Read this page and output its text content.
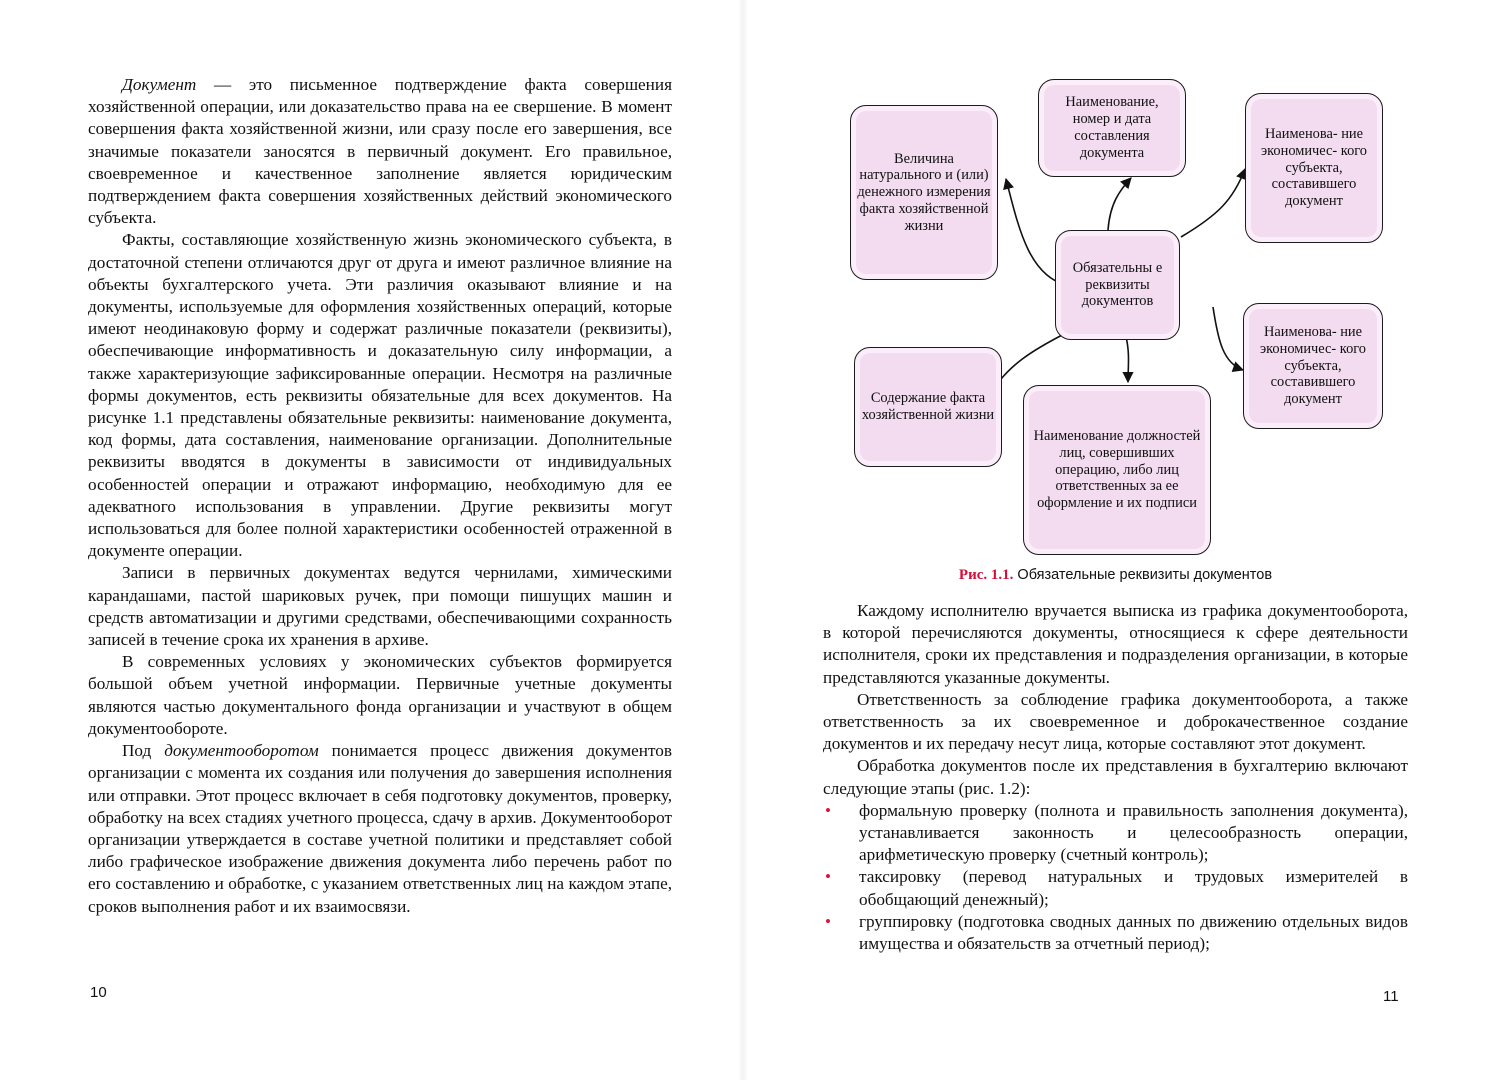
Документ — это письменное подтверждение факта совершения хозяйственной операции, или доказательство права на ее свершение. В момент совершения факта хозяйственной жизни, или сразу после его завершения, все значимые показатели заносятся в первичный документ. Его правильное, своевременное и качественное заполнение является юридическим подтверждением факта совершения хозяйственных действий экономического субъекта.

Факты, составляющие хозяйственную жизнь экономического субъекта, в достаточной степени отличаются друг от друга и имеют различное влияние на объекты бухгалтерского учета. Эти различия оказывают влияние и на документы, используемые для оформления хозяйственных операций, которые имеют неодинаковую форму и содержат различные показатели (реквизиты), обеспечивающие информативность и доказательную силу информации, а также характеризующие зафиксированные операции. Несмотря на различные формы документов, есть реквизиты обязательные для всех документов. На рисунке 1.1 представлены обязательные реквизиты: наименование документа, код формы, дата составления, наименование организации. Дополнительные реквизиты вводятся в документы в зависимости от индивидуальных особенностей операции и отражают информацию, необходимую для ее адекватного использования в управлении. Другие реквизиты могут использоваться для более полной характеристики особенностей отраженной в документе операции.

Записи в первичных документах ведутся чернилами, химическими карандашами, пастой шариковых ручек, при помощи пишущих машин и средств автоматизации и другими средствами, обеспечивающими сохранность записей в течение срока их хранения в архиве.

В современных условиях у экономических субъектов формируется большой объем учетной информации. Первичные учетные документы являются частью документального фонда организации и участвуют в общем документообороте.

Под документооборотом понимается процесс движения документов организации с момента их создания или получения до завершения исполнения или отправки. Этот процесс включает в себя подготовку документов, проверку, обработку на всех стадиях учетного процесса, сдачу в архив. Документооборот организации утверждается в составе учетной политики и представляет собой либо графическое изображение движения документа либо перечень работ по его составлению и обработке, с указанием ответственных лиц на каждом этапе, сроков выполнения работ и их взаимосвязи.

10
Величина натурального и (или) денежного измерения факта хозяйственной жизни
Наименование, номер и дата составления документа
Наименова- ние экономичес- кого субъекта, составившего документ
Обязательны е реквизиты документов
Наименова- ние экономичес- кого субъекта, составившего документ
Содержание факта хозяйственной жизни
Наименование должностей лиц, совершивших операцию, либо лиц ответственных за ее оформление и их подписи
Рис. 1.1. Обязательные реквизиты документов

Каждому исполнителю вручается выписка из графика документооборота, в которой перечисляются документы, относящиеся к сфере деятельности исполнителя, сроки их представления и подразделения организации, в которые представляются указанные документы.

Ответственность за соблюдение графика документооборота, а также ответственность за их своевременное и доброкачественное создание документов и их передачу несут лица, которые составляют этот документ.

Обработка документов после их представления в бухгалтерию включают следующие этапы (рис. 1.2):

• формальную проверку (полнота и правильность заполнения документа), устанавливается законность и целесообразность операции, арифметическую проверку (счетный контроль);
• таксировку (перевод натуральных и трудовых измерителей в обобщающий денежный);
• группировку (подготовка сводных данных по движению отдельных видов имущества и обязательств за отчетный период);
11
